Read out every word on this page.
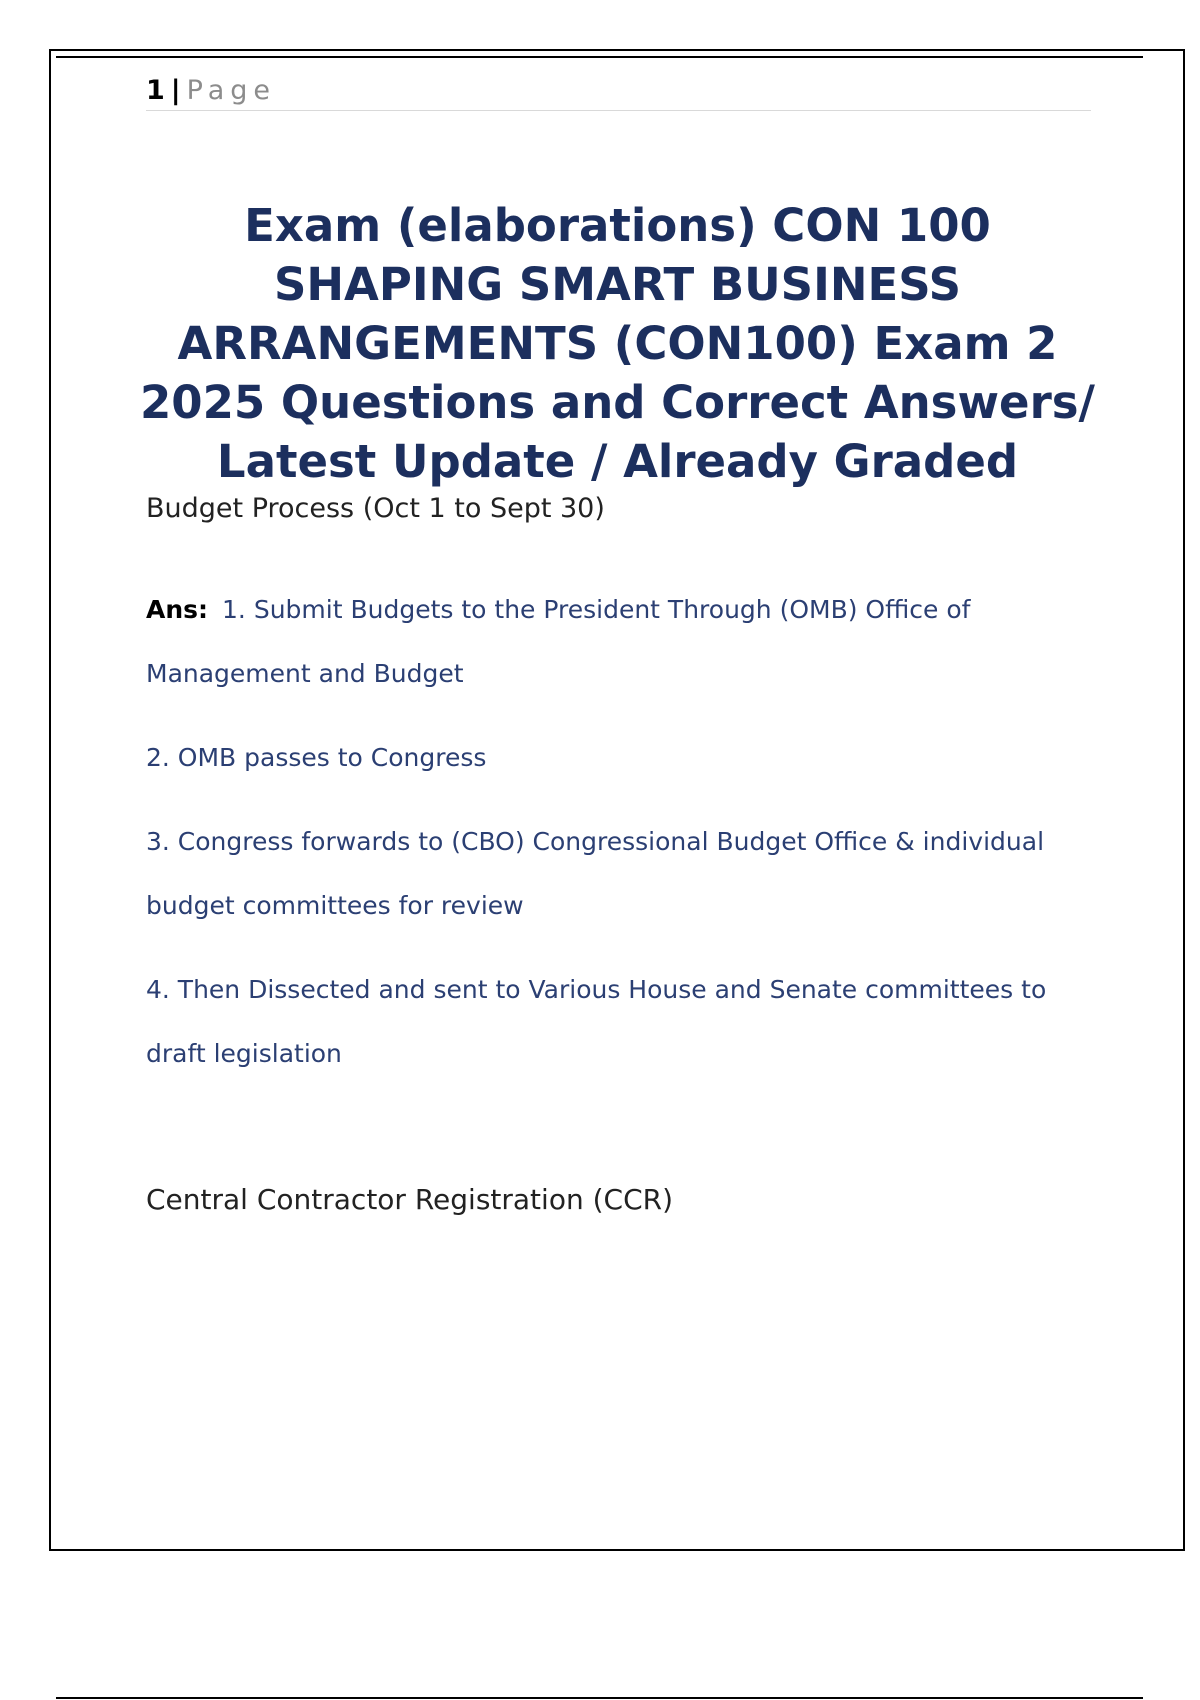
1 | Page
Exam (elaborations) CON 100 SHAPING SMART BUSINESS ARRANGEMENTS (CON100) Exam 2 2025 Questions and Correct Answers/ Latest Update / Already Graded
Budget Process (Oct 1 to Sept 30)

Ans: 1. Submit Budgets to the President Through (OMB) Office of Management and Budget

2. OMB passes to Congress

3. Congress forwards to (CBO) Congressional Budget Office & individual budget committees for review

4. Then Dissected and sent to Various House and Senate committees to draft legislation

Central Contractor Registration (CCR)
